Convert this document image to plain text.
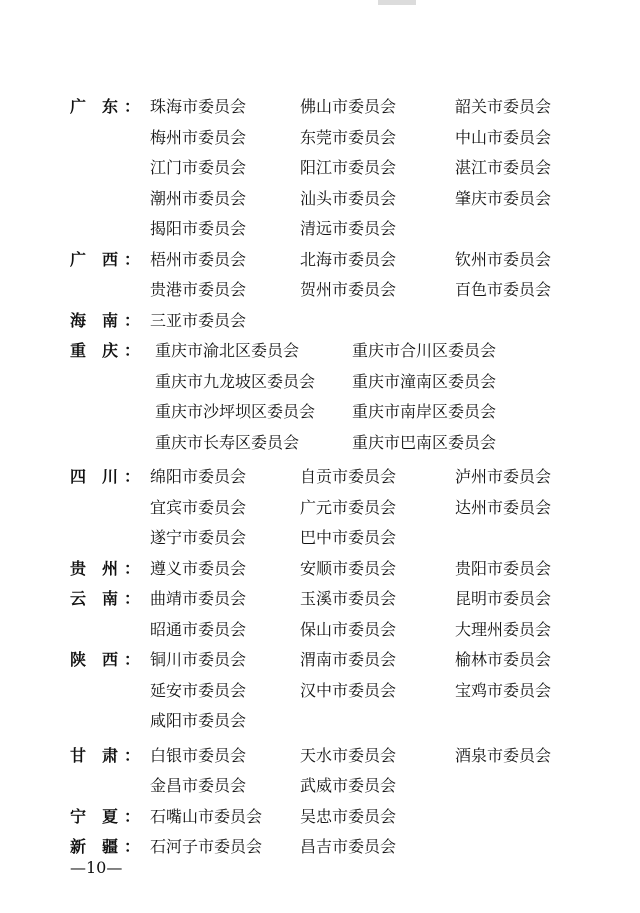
广　东 ： 珠海市委员会	佛山市委员会	韶关市委员会
梅州市委员会	东莞市委员会	中山市委员会
江门市委员会	阳江市委员会	湛江市委员会
潮州市委员会	汕头市委员会	肇庆市委员会
揭阳市委员会	清远市委员会
广　西 ： 梧州市委员会	北海市委员会	钦州市委员会
贵港市委员会	贺州市委员会	百色市委员会
海　南 ： 三亚市委员会
重　庆 ： 重庆市渝北区委员会	重庆市合川区委员会
重庆市九龙坡区委员会 重庆市潼南区委员会
重庆市沙坪坝区委员会 重庆市南岸区委员会
重庆市长寿区委员会	重庆市巴南区委员会
四　川 ： 绵阳市委员会	自贡市委员会	泸州市委员会
宜宾市委员会	广元市委员会	达州市委员会
遂宁市委员会	巴中市委员会
贵　州 ： 遵义市委员会	安顺市委员会	贵阳市委员会
云　南 ： 曲靖市委员会	玉溪市委员会	昆明市委员会
昭通市委员会	保山市委员会	大理州委员会
陕　西 ： 铜川市委员会	渭南市委员会	榆林市委员会
延安市委员会	汉中市委员会	宝鸡市委员会
咸阳市委员会
甘　肃 ： 白银市委员会	天水市委员会	酒泉市委员会
金昌市委员会	武威市委员会
宁　夏 ： 石嘴山市委员会 吴忠市委员会
新　疆 ： 石河子市委员会 昌吉市委员会
—10—
